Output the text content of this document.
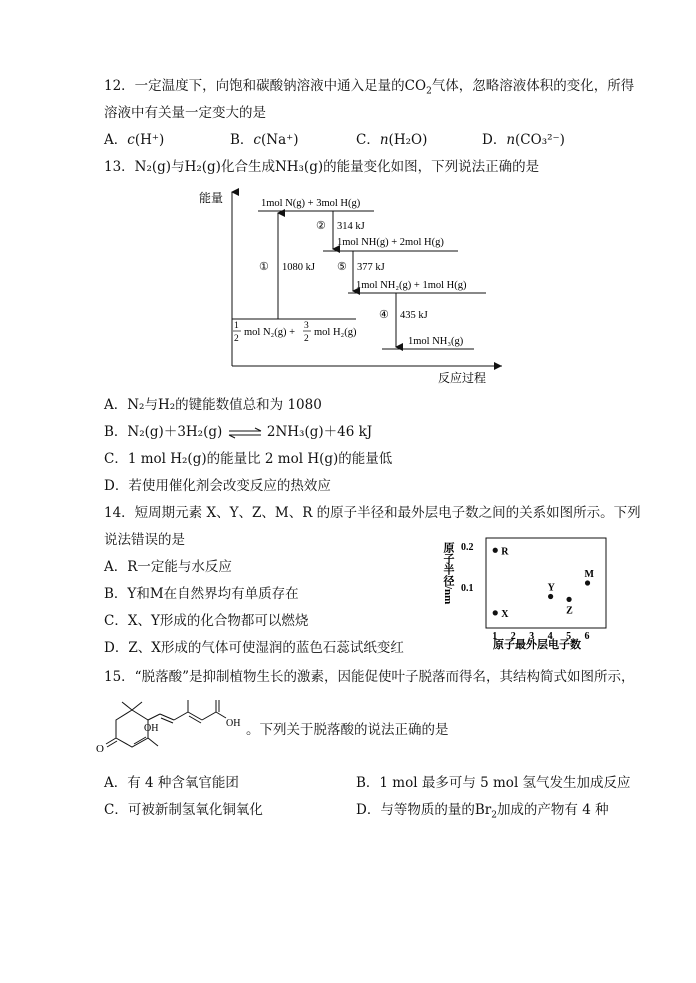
12．一定温度下，向饱和碳酸钠溶液中通入足量的$CO_2$气体，忽略溶液体积的变化，所得
溶液中有关量一定变大的是
A．c(H⁺)	B．c(Na⁺)	C．n(H₂O)	D．n(CO₃²⁻)
13．N₂(g)与H₂(g)化合生成NH₃(g)的能量变化如图，下列说法正确的是
能量
反应过程
1mol N(g) + 3mol H(g)
1mol NH(g) + 2mol H(g)
1mol NH₂(g) + 1mol H(g)
1
2
mol N₂(g) +
3
2
mol H₂(g)
1mol NH₃(g)
① 1080 kJ
② 314 kJ
⑤ 377 kJ
④ 435 kJ
A．N₂与H₂的键能数值总和为 1080
B．N₂(g)＋3H₂(g) ⇌ 2NH₃(g)＋46 kJ
C．1 mol H₂(g)的能量比 2 mol H(g)的能量低
D．若使用催化剂会改变反应的热效应
14．短周期元素 X、Y、Z、M、R 的原子半径和最外层电子数之间的关系如图所示。下列
说法错误的是
A．R一定能与水反应
B．Y和M在自然界均有单质存在
C．X、Y形成的化合物都可以燃烧
D．Z、X形成的气体可使湿润的蓝色石蕊试纸变红
原子半径/nm
原子最外层电子数
1 2 3 4 5 6
0.1
0.2	R
X
Y
Z
M
15．“脱落酸”是抑制植物生长的激素，因能促使叶子脱落而得名，其结构简式如图所示，
O
OH	OH 。下列关于脱落酸的说法正确的是
A．有 4 种含氧官能团	B．1 mol 最多可与 5 mol 氢气发生加成反应
C．可被新制氢氧化铜氧化	D．与等物质的量的$Br_2$加成的产物有 4 种
